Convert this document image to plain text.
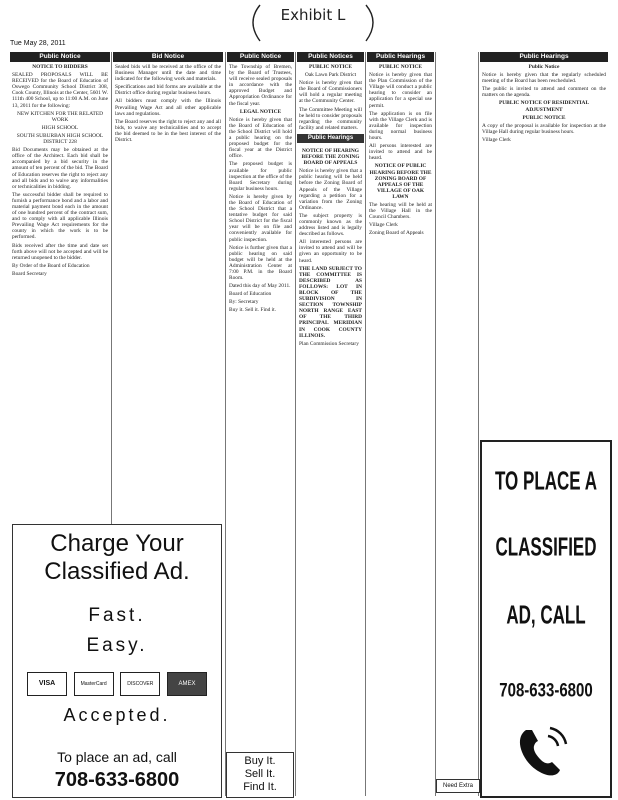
Exhibit L
Tue May 28, 2011
Public Notice

NOTICE TO BIDDERS

SEALED PROPOSALS WILL BE RECEIVED for the Board of Education of Oswego Community School District 308, Cook County, Illinois at the Center, 5601 W. 111th 400 School, up to 11:00 A.M. on June 13, 2011 for the following:

NEW KITCHEN FOR THE RELATED WORK

HIGH SCHOOL

SOUTH SUBURBAN HIGH SCHOOL DISTRICT 228

Bid Documents may be obtained at the office of the Architect. Each bid shall be accompanied by a bid security in the amount of ten percent of the bid. The Board of Education reserves the right to reject any and all bids and to waive any informalities or technicalities in bidding.

The successful bidder shall be required to furnish a performance bond and a labor and material payment bond each in the amount of one hundred percent of the contract sum, and to comply with all applicable Illinois Prevailing Wage Act requirements for the county in which the work is to be performed.

Bids received after the time and date set forth above will not be accepted and will be returned unopened to the bidder.

By Order of the Board of Education

Board Secretary

Bid Notice

Sealed bids will be received at the office of the Business Manager until the date and time indicated for the following work and materials.

Specifications and bid forms are available at the District office during regular business hours.

All bidders must comply with the Illinois Prevailing Wage Act and all other applicable laws and regulations.

The Board reserves the right to reject any and all bids, to waive any technicalities and to accept the bid deemed to be in the best interest of the District.

Public Notice

The Township of Bremen, by the Board of Trustees, will receive sealed proposals in accordance with the approved Budget and Appropriation Ordinance for the fiscal year.

LEGAL NOTICE

Notice is hereby given that the Board of Education of the School District will hold a public hearing on the proposed budget for the fiscal year at the District office.

The proposed budget is available for public inspection at the office of the Board Secretary during regular business hours.

Notice is hereby given by the Board of Education of the School District that a tentative budget for said School District for the fiscal year will be on file and conveniently available for public inspection.

Notice is further given that a public hearing on said budget will be held at the Administration Center at 7:00 P.M. in the Board Room.

Dated this day of May 2011.

Board of Education

By: Secretary

Buy it. Sell it. Find it.

Public Notices

PUBLIC NOTICE

Oak Lawn Park District

Notice is hereby given that the Board of Commissioners will hold a regular meeting at the Community Center.

The Committee Meeting will be held to consider proposals regarding the community facility and related matters.

Public Hearings

NOTICE OF HEARING BEFORE THE ZONING BOARD OF APPEALS

Notice is hereby given that a public hearing will be held before the Zoning Board of Appeals of the Village regarding a petition for a variation from the Zoning Ordinance.

The subject property is commonly known as the address listed and is legally described as follows.

All interested persons are invited to attend and will be given an opportunity to be heard.

THE LAND SUBJECT TO THE COMMITTEE IS DESCRIBED AS FOLLOWS: LOT IN BLOCK OF THE SUBDIVISION IN SECTION TOWNSHIP NORTH RANGE EAST OF THE THIRD PRINCIPAL MERIDIAN IN COOK COUNTY ILLINOIS.

Plan Commission Secretary

Public Hearings

PUBLIC NOTICE

Notice is hereby given that the Plan Commission of the Village will conduct a public hearing to consider an application for a special use permit.

The application is on file with the Village Clerk and is available for inspection during normal business hours.

All persons interested are invited to attend and be heard.

NOTICE OF PUBLIC HEARING BEFORE THE ZONING BOARD OF APPEALS OF THE VILLAGE OF OAK LAWN

The hearing will be held at the Village Hall in the Council Chambers.

Village Clerk

Zoning Board of Appeals

Public Hearings

Public Notice

Notice is hereby given that the regularly scheduled meeting of the Board has been rescheduled.

The public is invited to attend and comment on the matters on the agenda.

PUBLIC NOTICE OF RESIDENTIAL ADJUSTMENT

PUBLIC NOTICE

A copy of the proposal is available for inspection at the Village Hall during regular business hours.

Village Clerk

Charge Your
Classified Ad.
Fast.
Easy.
VISA	MasterCard	DISCOVER	AMEX
Accepted.
To place an ad, call
708-633-6800
Buy It.
Sell It.
Find It.	Need Extra
TO PLACE A
CLASSIFIED
AD, CALL
708-633-6800
